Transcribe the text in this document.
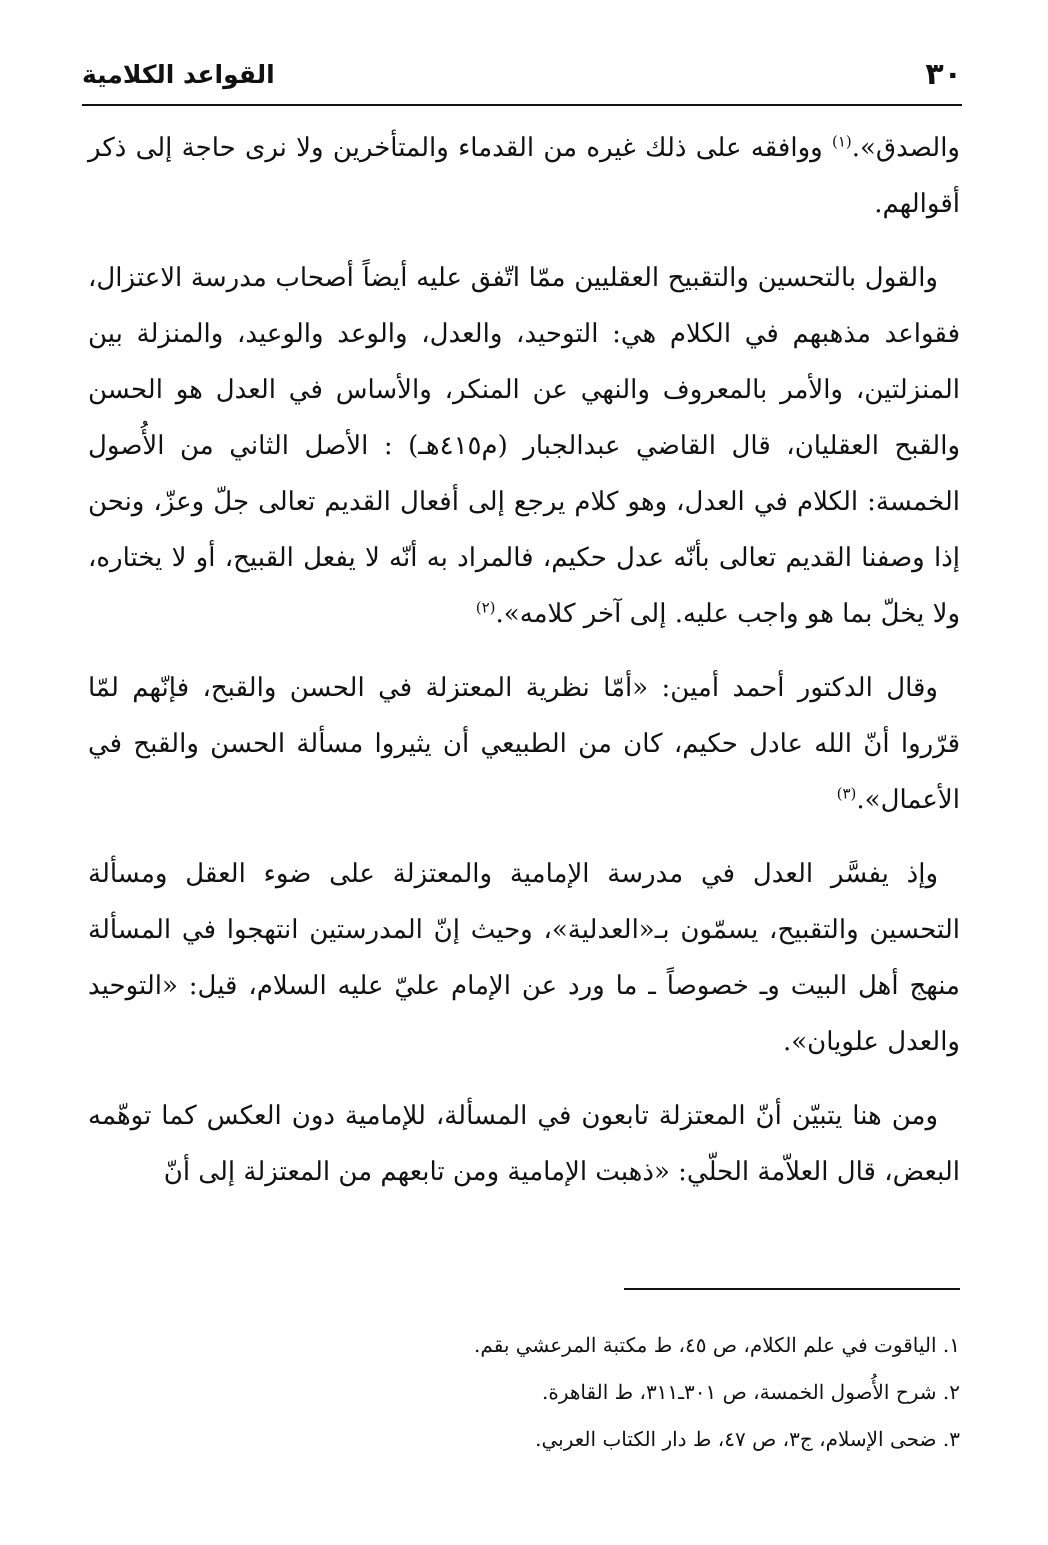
٣٠
القواعد الكلامية

والصدق».$^{(١)}$ ووافقه على ذلك غيره من القدماء والمتأخرين ولا نرى حاجة إلى ذكر أقوالهم.

والقول بالتحسين والتقبيح العقليين ممّا اتّفق عليه أيضاً أصحاب مدرسة الاعتزال، فقواعد مذهبهم في الكلام هي: التوحيد، والعدل، والوعد والوعيد، والمنزلة بين المنزلتين، والأمر بالمعروف والنهي عن المنكر، والأساس في العدل هو الحسن والقبح العقليان، قال القاضي عبدالجبار (م٤١٥هـ) : الأصل الثاني من الأُصول الخمسة: الكلام في العدل، وهو كلام يرجع إلى أفعال القديم تعالى جلّ وعزّ، ونحن إذا وصفنا القديم تعالى بأنّه عدل حكيم، فالمراد به أنّه لا يفعل القبيح، أو لا يختاره، ولا يخلّ بما هو واجب عليه. إلى آخر كلامه».$^{(٢)}$

وقال الدكتور أحمد أمين: «أمّا نظرية المعتزلة في الحسن والقبح، فإنّهم لمّا قرّروا أنّ الله عادل حكيم، كان من الطبيعي أن يثيروا مسألة الحسن والقبح في الأعمال».$^{(٣)}$

وإذ يفسَّر العدل في مدرسة الإمامية والمعتزلة على ضوء العقل ومسألة التحسين والتقبيح، يسمّون بـ«العدلية»، وحيث إنّ المدرستين انتهجوا في المسألة منهج أهل البيت وـ خصوصاً ـ ما ورد عن الإمام عليّ عليه السلام، قيل: «التوحيد والعدل علويان».

ومن هنا يتبيّن أنّ المعتزلة تابعون في المسألة، للإمامية دون العكس كما توهّمه البعض، قال العلاّمة الحلّي: «ذهبت الإمامية ومن تابعهم من المعتزلة إلى أنّ

١. الياقوت في علم الكلام، ص ٤٥، ط مكتبة المرعشي بقم.

٢. شرح الأُصول الخمسة، ص ٣٠١ـ٣١١، ط القاهرة.

٣. ضحى الإسلام، ج٣، ص ٤٧، ط دار الكتاب العربي.
